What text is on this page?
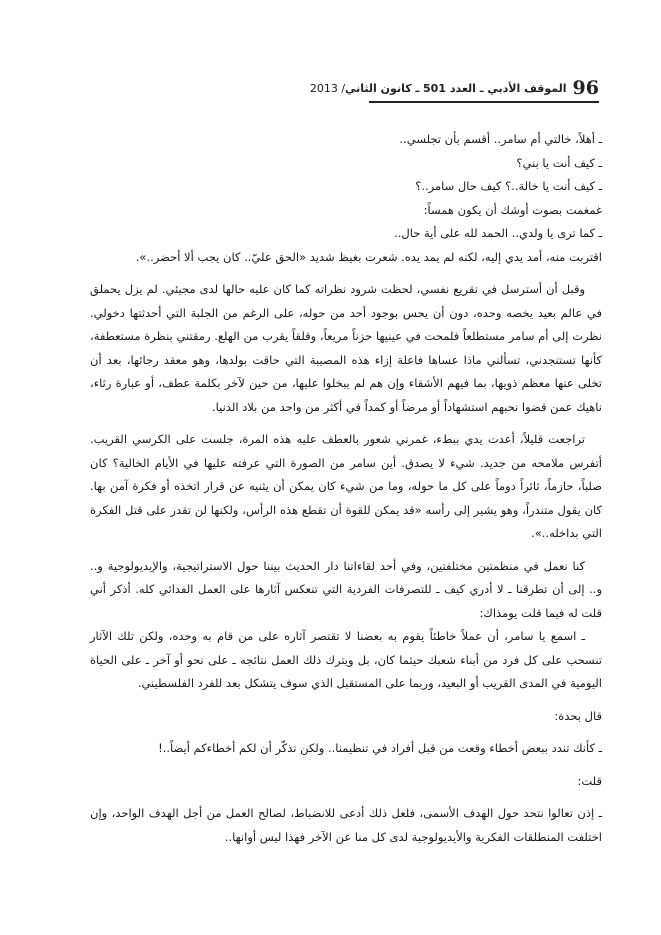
96
الموقف الأدبي ـ العدد 501 ـ كانون الثاني/ 2013

ـ أهلاً، خالتي أم سامر.. أقسم بأن تجلسي..

ـ كيف أنت يا بني؟

ـ كيف أنت يا خالة..؟ كيف حال سامر..؟

غمغمت بصوت أوشك أن يكون همساً:

ـ كما ترى يا ولدي.. الحمد لله على أية حال..

اقتربت منه، أمد يدي إليه، لكنه لم يمد يده. شعرت بغيظ شديد «الحق عليّ.. كان يجب ألا أحضر..».

وقبل أن أسترسل في تقريع نفسي، لحظت شرود نظراته كما كان عليه حالها لدى مجيئي. لم يزل يحملق في عالم بعيد يخصه وحده، دون أن يحس بوجود أحد من حوله، على الرغم من الجلبة التي أحدثتها دخولي. نظرت إلى أم سامر مستطلعاً فلمحت في عينيها حزناً مريعاً، وقلقاً يقرب من الهلع. رمقتني بنظرة مستعطفة، كأنها تستنجدني، تسألني ماذا عساها فاعلة إزاء هذه المصيبة التي حاقت بولدها، وهو معقد رجائها، بعد أن تخلى عنها معظم ذويها، بما فيهم الأشقاء وإن هم لم يبخلوا عليها، من حين لآخر بكلمة عطف، أو عبارة رثاء، ناهيك عمن قضوا نحبهم استشهاداً أو مرضاً أو كمداً في أكثر من واحد من بلاد الدنيا.

تراجعت قليلاً، أعدت يدي ببطء، غمرني شعور بالعطف عليه هذه المرة، جلست على الكرسي القريب. أتفرس ملامحه من جديد. شيء لا يصدق. أين سامر من الصورة التي عرفته عليها في الأيام الخالية؟ كان صلباً، حازماً، ثائراً دوماً على كل ما حوله، وما من شيء كان يمكن أن يثنيه عن قرار اتخذه أو فكرة آمن بها. كان يقول متندراً، وهو يشير إلى رأسه «قد يمكن للقوة أن تقطع هذه الرأس، ولكنها لن تقدر على قتل الفكرة التي بداخله..».

كنا نعمل في منظمتين مختلفتين، وفي أحد لقاءاتنا دار الحديث بيننا حول الاستراتيجية، والإيديولوجية و.. و.. إلى أن تطرقنا ـ لا أدري كيف ـ للتصرفات الفردية التي تنعكس آثارها على العمل الفدائي كله. أذكر أني قلت له فيما قلت يومذاك:

ـ اسمع يا سامر، أن عملاً خاطئاً يقوم به بعضنا لا تقتصر آثاره على من قام به وحده، ولكن تلك الآثار تنسحب على كل فرد من أبناء شعبك حيثما كان، بل ويترك ذلك العمل نتائجه ـ على نحو أو آخر ـ على الحياة اليومية في المدى القريب أو البعيد، وربما على المستقبل الذي سوف يتشكل بعد للفرد الفلسطيني.

قال بحدة:

ـ كأنك تندد ببعض أخطاء وقعت من قبل أفراد في تنظيمنا.. ولكن تذكّر أن لكم أخطاءكم أيضاً..!

قلت:

ـ إذن تعالوا نتحد حول الهدف الأسمى، فلعل ذلك أدعى للانضباط، لصالح العمل من أجل الهدف الواحد، وإن اختلفت المنطلقات الفكرية والأيديولوجية لدى كل منا عن الآخر فهذا ليس أوانها..
